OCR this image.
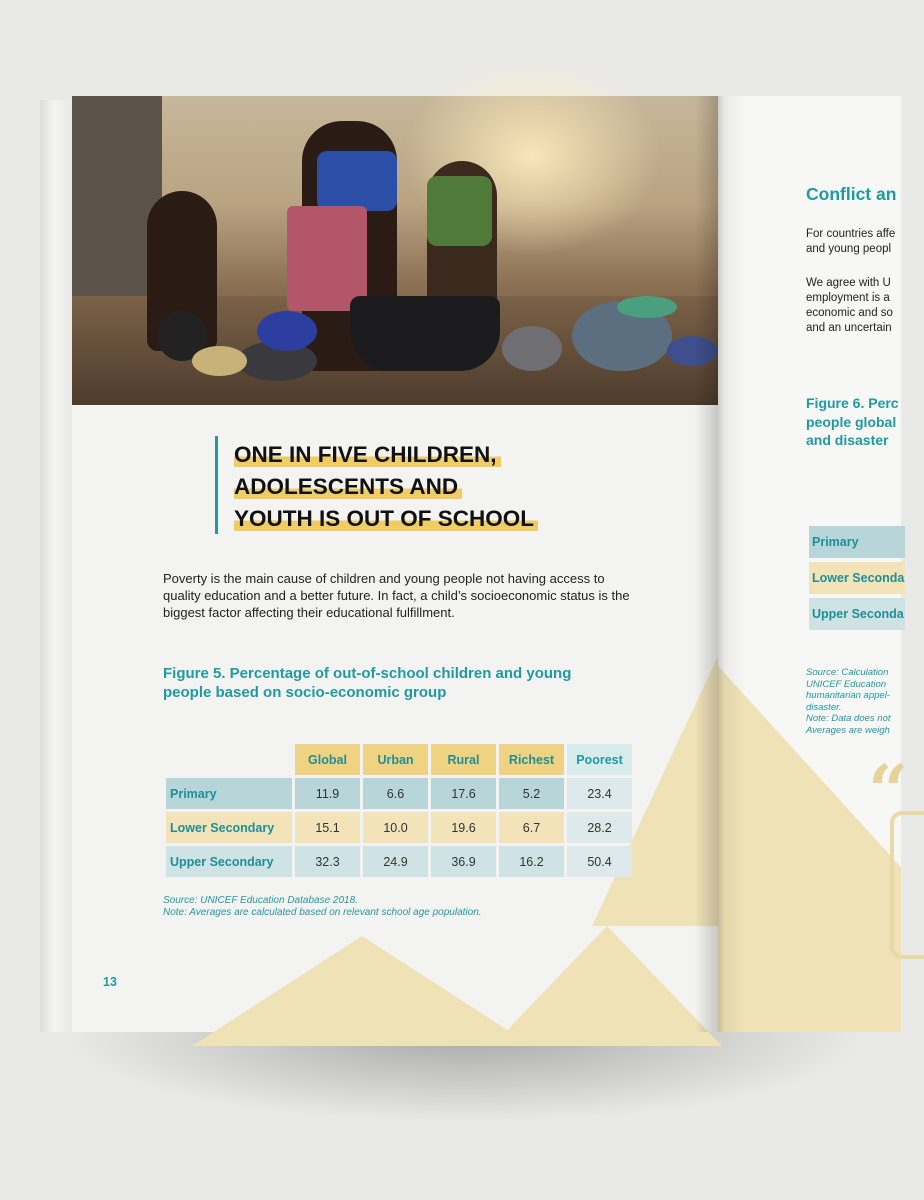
ONE IN FIVE CHILDREN,
ADOLESCENTS AND
YOUTH IS OUT OF SCHOOL

Poverty is the main cause of children and young people not having access to quality education and a better future. In fact, a child’s socioeconomic status is the biggest factor affecting their educational fulfillment.

Figure 5. Percentage of out-of-school children and young people based on socio-economic group

	Global	Urban	Rural	Richest	Poorest
Primary	11.9	6.6	17.6	5.2	23.4
Lower Secondary	15.1	10.0	19.6	6.7	28.2
Upper Secondary	32.3	24.9	36.9	16.2	50.4

Source: UNICEF Education Database 2018.
Note: Averages are calculated based on relevant school age population.

13
Conflict an

For countries affe
and young peopl

We agree with U
employment is a
economic and so
and an uncertain

Figure 6. Perc
people global
and disaster

Primary
Lower Seconda
Upper Seconda

Source: Calculation
UNICEF Education
humanitarian appel-
disaster.
Note: Data does not
Averages are weigh

“
